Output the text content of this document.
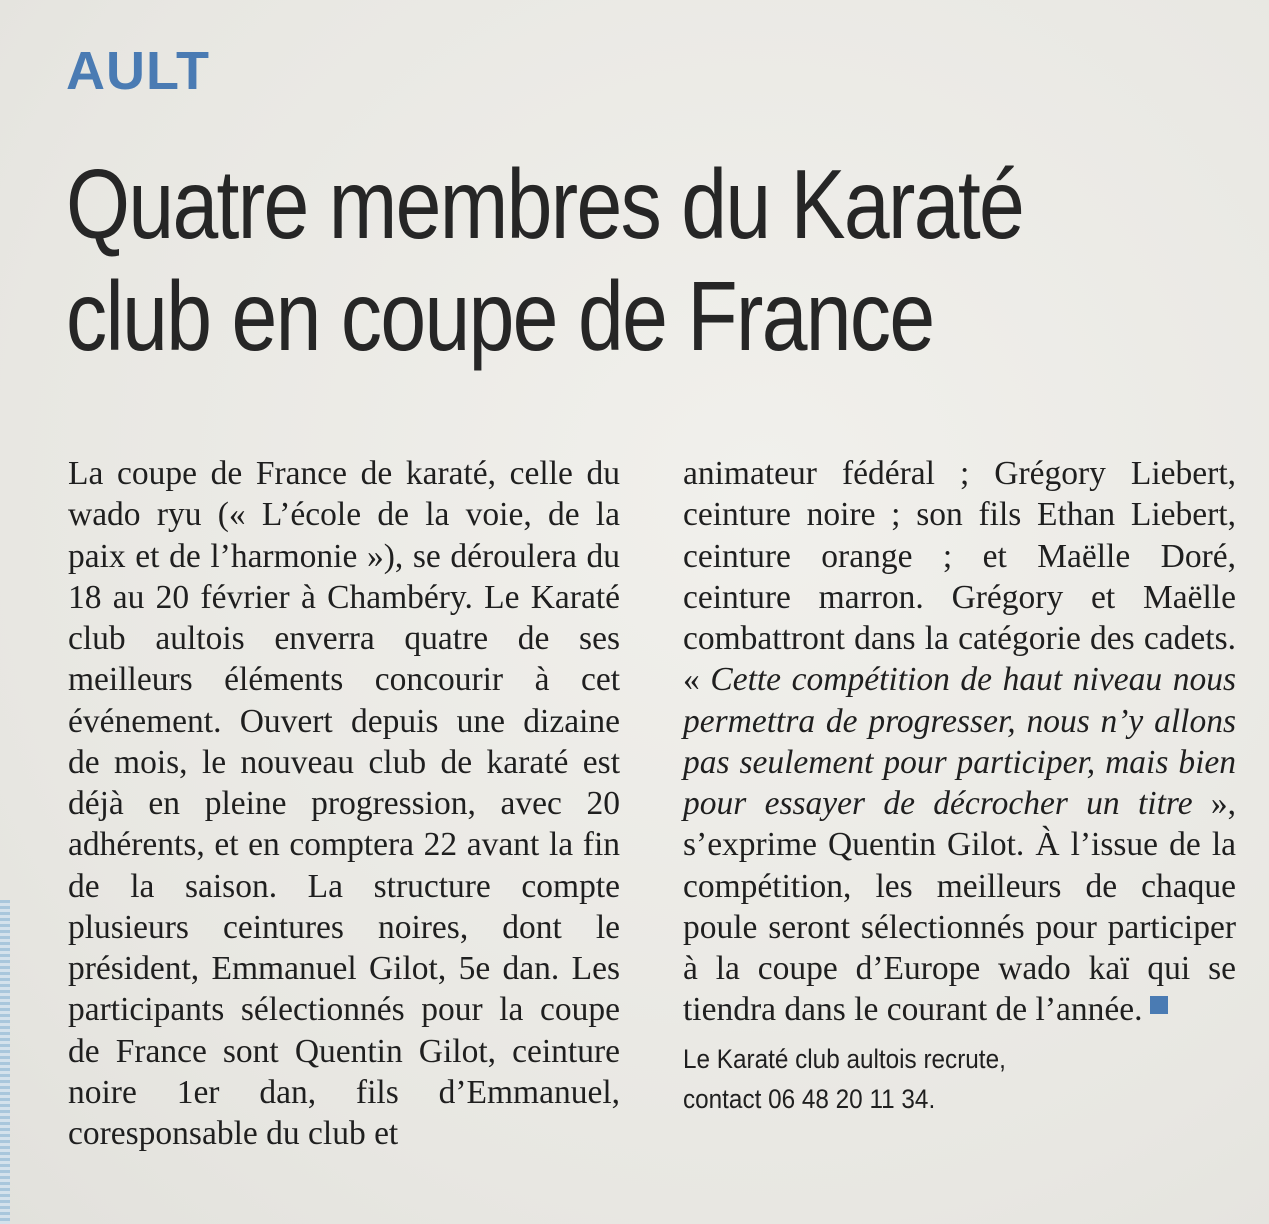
AULT
Quatre membres du Karaté
club en coupe de France

La coupe de France de karaté, celle du wado ryu (« L’école de la voie, de la paix et de l’harmonie »), se déroulera du 18 au 20 février à Chambéry. Le Karaté club aultois enverra quatre de ses meilleurs éléments concourir à cet événement. Ouvert depuis une dizaine de mois, le nouveau club de karaté est déjà en pleine progression, avec 20 adhérents, et en comptera 22 avant la fin de la saison. La structure compte plusieurs ceintures noires, dont le président, Emmanuel Gilot, 5e dan. Les participants sélectionnés pour la coupe de France sont Quentin Gilot, ceinture noire 1er dan, fils d’Emmanuel, coresponsable du club et

animateur fédéral ; Grégory Liebert, ceinture noire ; son fils Ethan Liebert, ceinture orange ; et Maëlle Doré, ceinture marron. Grégory et Maëlle combattront dans la catégorie des cadets. « Cette compétition de haut niveau nous permettra de progresser, nous n’y allons pas seulement pour participer, mais bien pour essayer de décrocher un titre », s’exprime Quentin Gilot. À l’issue de la compétition, les meilleurs de chaque poule seront sélectionnés pour participer à la coupe d’Europe wado kaï qui se tiendra dans le courant de l’année.

Le Karaté club aultois recrute,
contact 06 48 20 11 34.
